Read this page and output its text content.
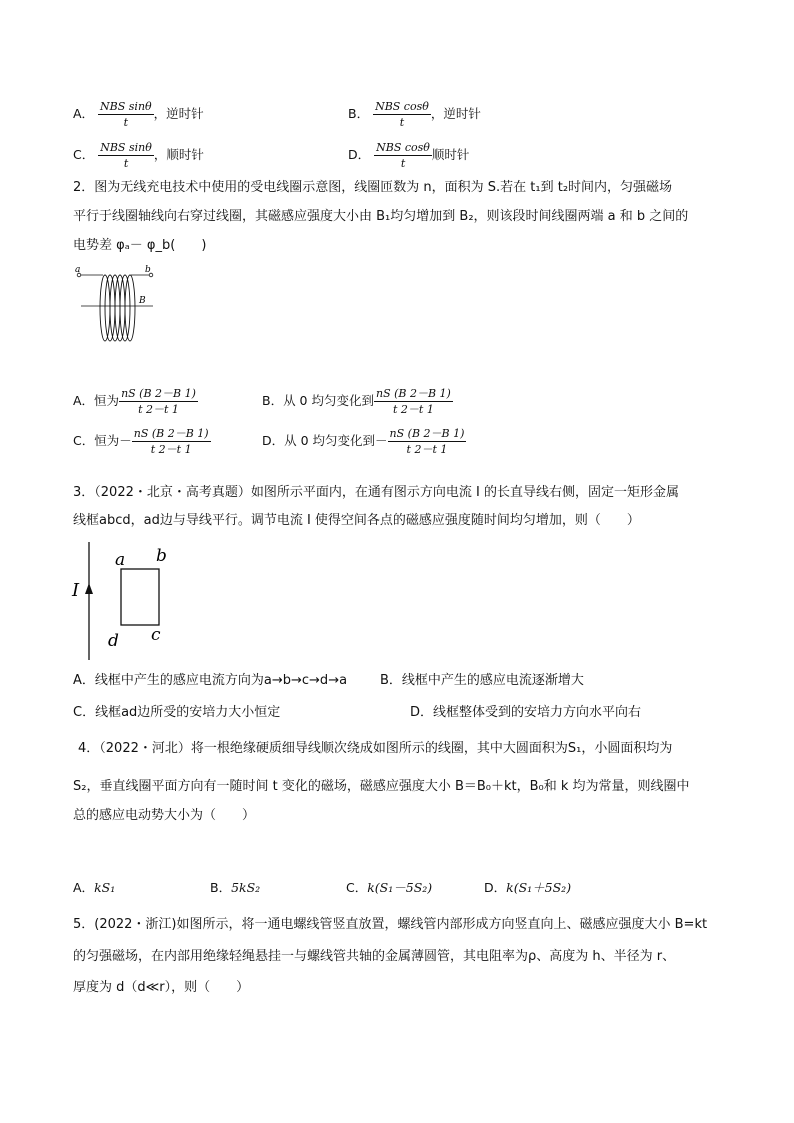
A． $\frac{\text{NBS sinθ}}{t}$ ，逆时针	B． $\frac{\text{NBS cosθ}}{t}$ ，逆时针
C． $\frac{\text{NBS sinθ}}{t}$ ，顺时针	D． $\frac{\text{NBS cosθ}}{t}$ 顺时针
2．图为无线充电技术中使用的受电线圈示意图，线圈匝数为 n，面积为 S.若在 t₁到 t₂时间内，匀强磁场
平行于线圈轴线向右穿过线圈，其磁感应强度大小由 B₁均匀增加到 B₂，则该段时间线圈两端 a 和 b 之间的
电势差 φₐ－ φ_b(　　)
a	b
B
A．恒为 $\frac{nS (B 2-B 1)}{t 2-t 1}$	B．从 0 均匀变化到 $\frac{nS (B 2-B 1)}{t 2-t 1}$
C．恒为－ $\frac{nS (B 2-B 1)}{t 2-t 1}$	D．从 0 均匀变化到－ $\frac{nS (B 2-B 1)}{t 2-t 1}$
3．（2022・北京・高考真题）如图所示平面内，在通有图示方向电流 I 的长直导线右侧，固定一矩形金属
线框abcd，ad边与导线平行。调节电流 I 使得空间各点的磁感应强度随时间均匀增加，则（　　）
I
a b
c
d
A．线框中产生的感应电流方向为a→b→c→d→a	B．线框中产生的感应电流逐渐增大
C．线框ad边所受的安培力大小恒定	D．线框整体受到的安培力方向水平向右
4．（2022・河北）将一根绝缘硬质细导线顺次绕成如图所示的线圈，其中大圆面积为S₁，小圆面积均为
S₂，垂直线圈平面方向有一随时间 t 变化的磁场，磁感应强度大小 B＝B₀＋kt，B₀和 k 均为常量，则线圈中
总的感应电动势大小为（　　）
A．kS₁	B．5kS₂	C．k(S₁－5S₂)	D．k(S₁＋5S₂)
5．(2022・浙江)如图所示，将一通电螺线管竖直放置，螺线管内部形成方向竖直向上、磁感应强度大小 B=kt
的匀强磁场，在内部用绝缘轻绳悬挂一与螺线管共轴的金属薄圆管，其电阻率为ρ、高度为 h、半径为 r、
厚度为 d（d≪r），则（　　）
